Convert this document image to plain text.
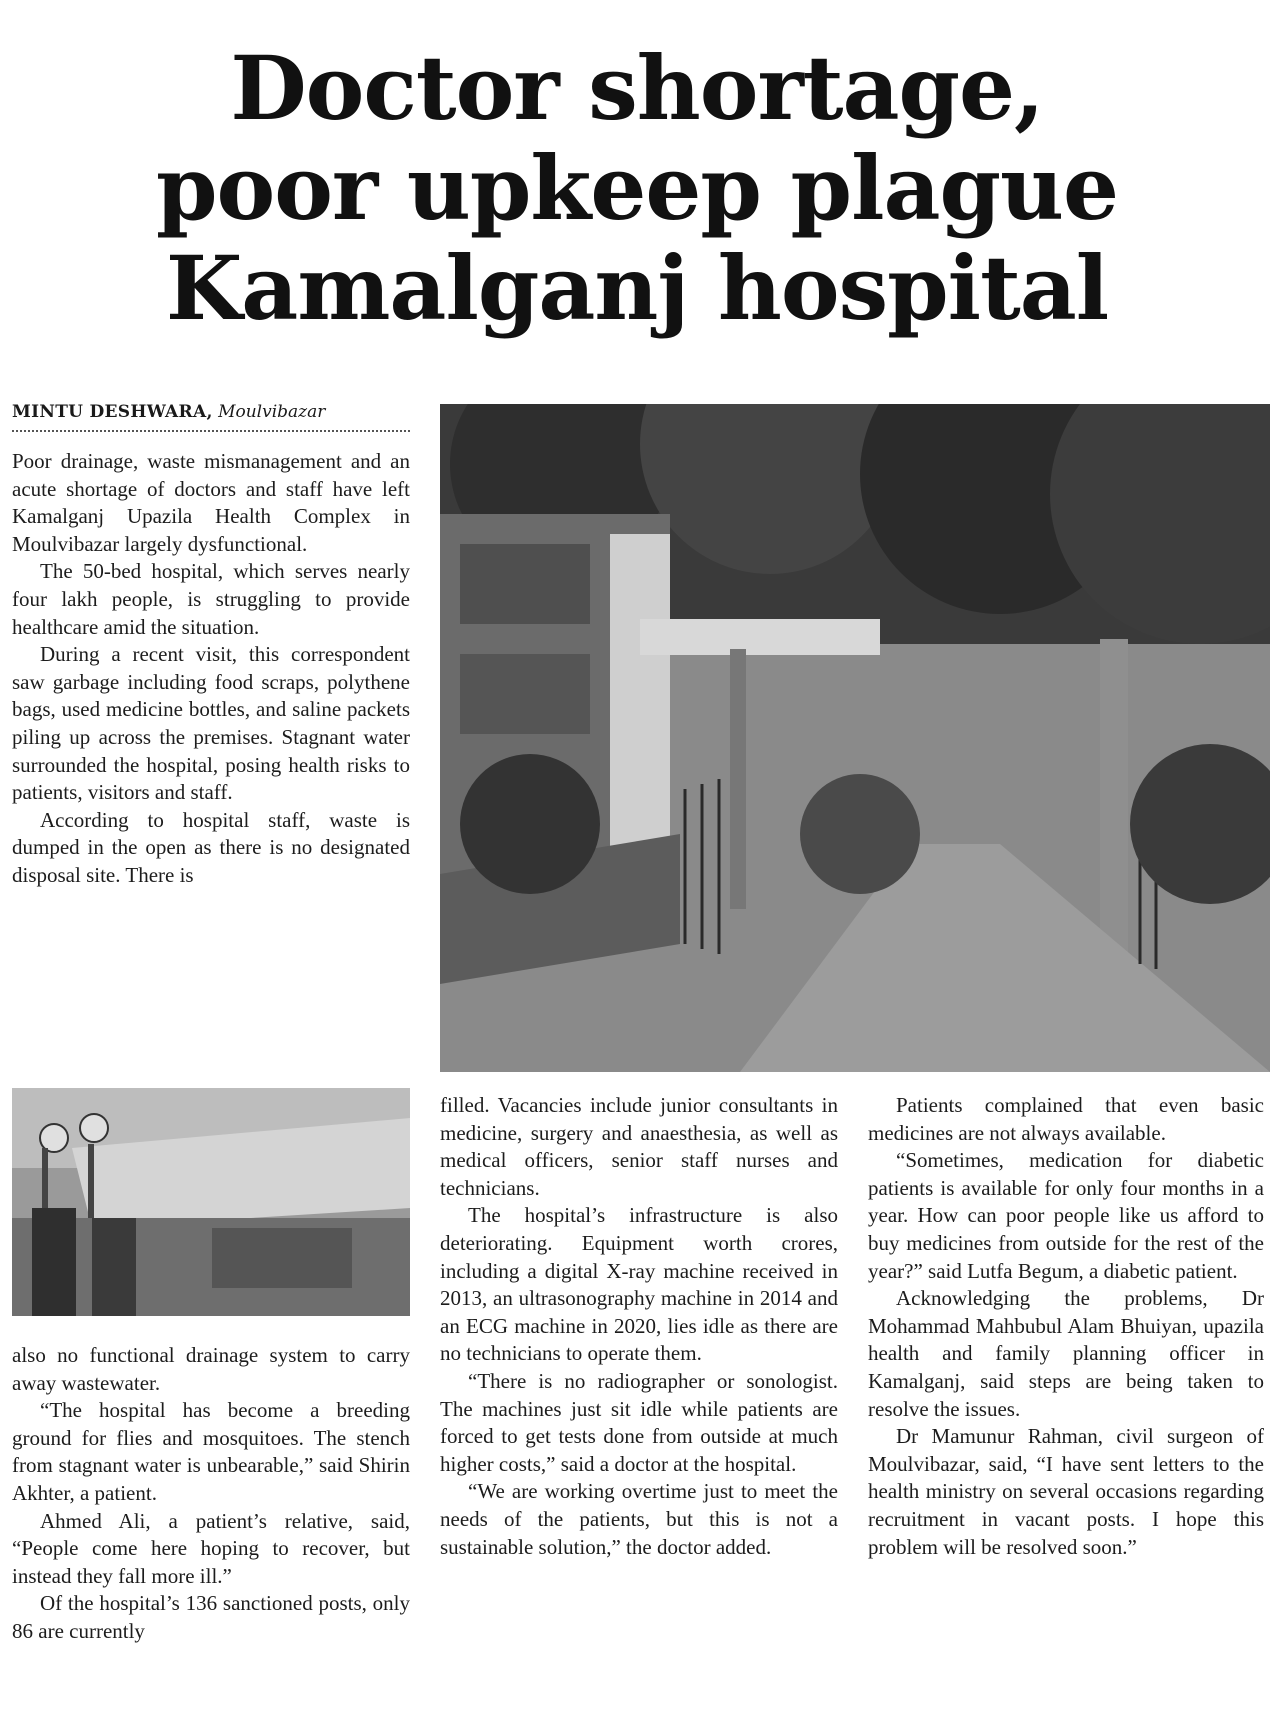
Doctor shortage,
poor upkeep plague
Kamalganj hospital
MINTU DESHWARA, Moulvibazar

Poor drainage, waste mismanagement and an acute shortage of doctors and staff have left Kamalganj Upazila Health Complex in Moulvibazar largely dysfunctional.

The 50-bed hospital, which serves nearly four lakh people, is struggling to provide healthcare amid the situation.

During a recent visit, this correspondent saw garbage including food scraps, polythene bags, used medicine bottles, and saline packets piling up across the premises. Stagnant water surrounded the hospital, posing health risks to patients, visitors and staff.

According to hospital staff, waste is dumped in the open as there is no designated disposal site. There is

also no functional drainage system to carry away wastewater.

“The hospital has become a breeding ground for flies and mosquitoes. The stench from stagnant water is unbearable,” said Shirin Akhter, a patient.

Ahmed Ali, a patient’s relative, said, “People come here hoping to recover, but instead they fall more ill.”

Of the hospital’s 136 sanctioned posts, only 86 are currently

filled. Vacancies include junior consultants in medicine, surgery and anaesthesia, as well as medical officers, senior staff nurses and technicians.

The hospital’s infrastructure is also deteriorating. Equipment worth crores, including a digital X-ray machine received in 2013, an ultrasonography machine in 2014 and an ECG machine in 2020, lies idle as there are no technicians to operate them.

“There is no radiographer or sonologist. The machines just sit idle while patients are forced to get tests done from outside at much higher costs,” said a doctor at the hospital.

“We are working overtime just to meet the needs of the patients, but this is not a sustainable solution,” the doctor added.

Patients complained that even basic medicines are not always available.

“Sometimes, medication for diabetic patients is available for only four months in a year. How can poor people like us afford to buy medicines from outside for the rest of the year?” said Lutfa Begum, a diabetic patient.

Acknowledging the problems, Dr Mohammad Mahbubul Alam Bhuiyan, upazila health and family planning officer in Kamalganj, said steps are being taken to resolve the issues.

Dr Mamunur Rahman, civil surgeon of Moulvibazar, said, “I have sent letters to the health ministry on several occasions regarding recruitment in vacant posts. I hope this problem will be resolved soon.”
